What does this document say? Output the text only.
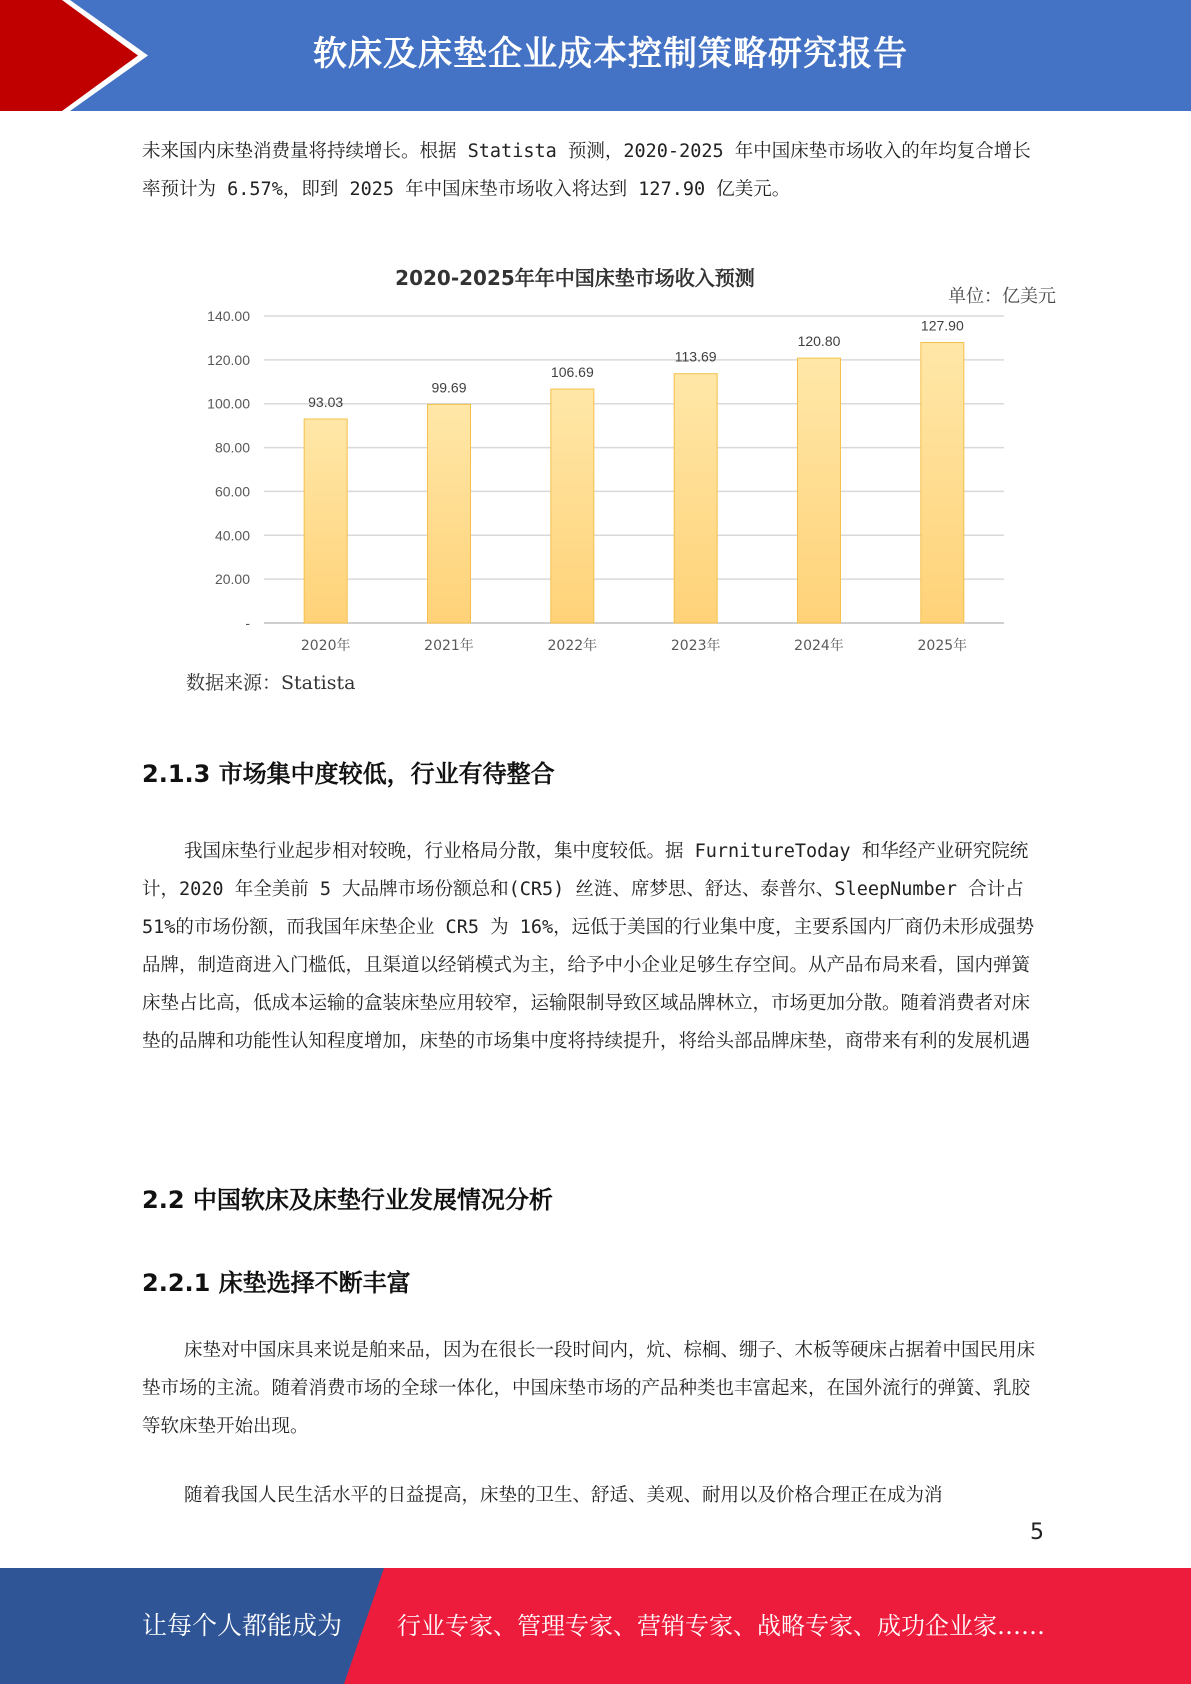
软床及床垫企业成本控制策略研究报告

未来国内床垫消费量将持续增长。根据 Statista 预测，2020-2025 年中国床垫市场收入的年均复合增长率预计为 6.57%，即到 2025 年中国床垫市场收入将达到 127.90 亿美元。

2020-2025年年中国床垫市场收入预测
单位：亿美元
-
20.00
40.00
60.00
80.00
100.00
120.00
140.00
93.03
2020年
99.69
2021年
106.69
2022年
113.69
2023年
120.80
2024年
127.90
2025年
数据来源：Statista
2.1.3 市场集中度较低，行业有待整合

我国床垫行业起步相对较晚，行业格局分散，集中度较低。据 FurnitureToday 和华经产业研究院统计，2020 年全美前 5 大品牌市场份额总和(CR5) 丝涟、席梦思、舒达、泰普尔、SleepNumber 合计占 51%的市场份额，而我国年床垫企业 CR5 为 16%，远低于美国的行业集中度，主要系国内厂商仍未形成强势品牌，制造商进入门槛低，且渠道以经销模式为主，给予中小企业足够生存空间。从产品布局来看，国内弹簧床垫占比高，低成本运输的盒装床垫应用较窄，运输限制导致区域品牌林立，市场更加分散。随着消费者对床垫的品牌和功能性认知程度增加，床垫的市场集中度将持续提升，将给头部品牌床垫，商带来有利的发展机遇

2.2 中国软床及床垫行业发展情况分析
2.2.1 床垫选择不断丰富

床垫对中国床具来说是舶来品，因为在很长一段时间内，炕、棕榈、绷子、木板等硬床占据着中国民用床垫市场的主流。随着消费市场的全球一体化，中国床垫市场的产品种类也丰富起来，在国外流行的弹簧、乳胶等软床垫开始出现。

随着我国人民生活水平的日益提高，床垫的卫生、舒适、美观、耐用以及价格合理正在成为消

5
让每个人都能成为 行业专家、管理专家、营销专家、战略专家、成功企业家……
